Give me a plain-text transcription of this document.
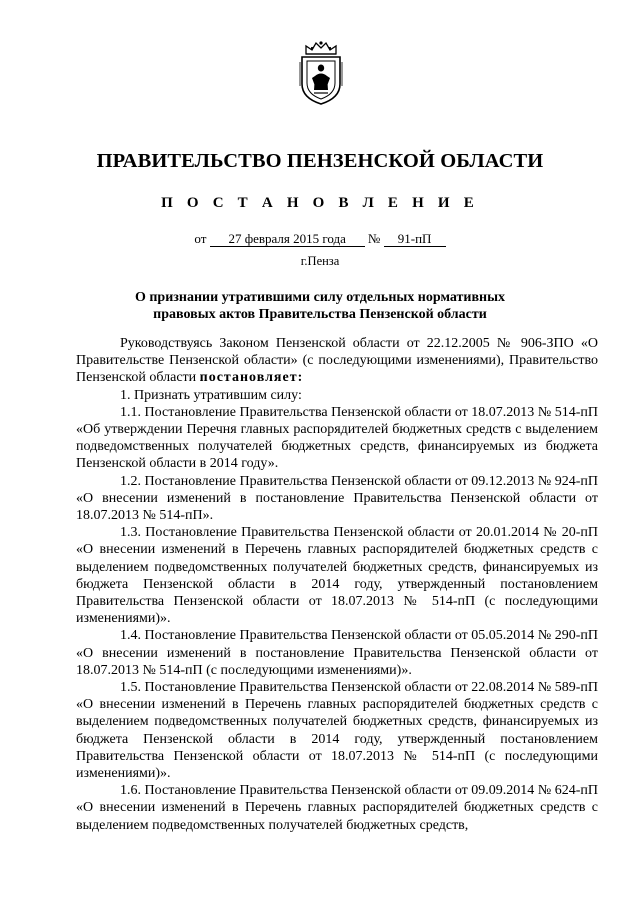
ПРАВИТЕЛЬСТВО ПЕНЗЕНСКОЙ ОБЛАСТИ
П О С Т А Н О В Л Е Н И Е
от 27 февраля 2015 года № 91-пП
г.Пенза
О признании утратившими силу отдельных нормативных
правовых актов Правительства Пензенской области

Руководствуясь Законом Пензенской области от 22.12.2005 № 906-ЗПО «О Правительстве Пензенской области» (с последующими изменениями), Правительство Пензенской области постановляет:

1. Признать утратившим силу:

1.1. Постановление Правительства Пензенской области от 18.07.2013 № 514-пП «Об утверждении Перечня главных распорядителей бюджетных средств с выделением подведомственных получателей бюджетных средств, финансируемых из бюджета Пензенской области в 2014 году».

1.2. Постановление Правительства Пензенской области от 09.12.2013 № 924-пП «О внесении изменений в постановление Правительства Пензенской области от 18.07.2013 № 514-пП».

1.3. Постановление Правительства Пензенской области от 20.01.2014 № 20-пП «О внесении изменений в Перечень главных распорядителей бюджетных средств с выделением подведомственных получателей бюджетных средств, финансируемых из бюджета Пензенской области в 2014 году, утвержденный постановлением Правительства Пензенской области от 18.07.2013 № 514-пП (с последующими изменениями)».

1.4. Постановление Правительства Пензенской области от 05.05.2014 № 290-пП «О внесении изменений в постановление Правительства Пензенской области от 18.07.2013 № 514-пП (с последующими изменениями)».

1.5. Постановление Правительства Пензенской области от 22.08.2014 № 589-пП «О внесении изменений в Перечень главных распорядителей бюджетных средств с выделением подведомственных получателей бюджетных средств, финансируемых из бюджета Пензенской области в 2014 году, утвержденный постановлением Правительства Пензенской области от 18.07.2013 № 514-пП (с последующими изменениями)».

1.6. Постановление Правительства Пензенской области от 09.09.2014 № 624-пП «О внесении изменений в Перечень главных распорядителей бюджетных средств с выделением подведомственных получателей бюджетных средств,
